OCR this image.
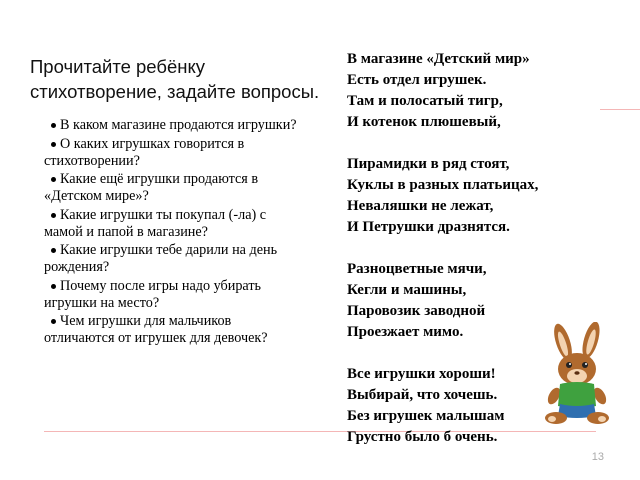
Прочитайте ребёнку стихотворение, задайте вопросы.
В каком магазине продаются игрушки?
О каких игрушках говорится в стихотворении?
Какие ещё игрушки продаются в «Детском мире»?
Какие игрушки ты покупал (-ла) с мамой и папой в магазине?
Какие игрушки тебе дарили на день рождения?
Почему после игры надо убирать игрушки на место?
Чем игрушки для мальчиков отличаются от игрушек для девочек?
В магазине «Детский мир»
Есть отдел игрушек.
Там и полосатый тигр,
И котенок плюшевый,
Пирамидки в ряд стоят,
Куклы в разных платьицах,
Неваляшки не лежат,
И Петрушки дразнятся.
Разноцветные мячи,
Кегли и машины,
Паровозик заводной
Проезжает мимо.
Все игрушки хороши!
Выбирай, что хочешь.
Без игрушек малышам
Грустно было б очень.
13
